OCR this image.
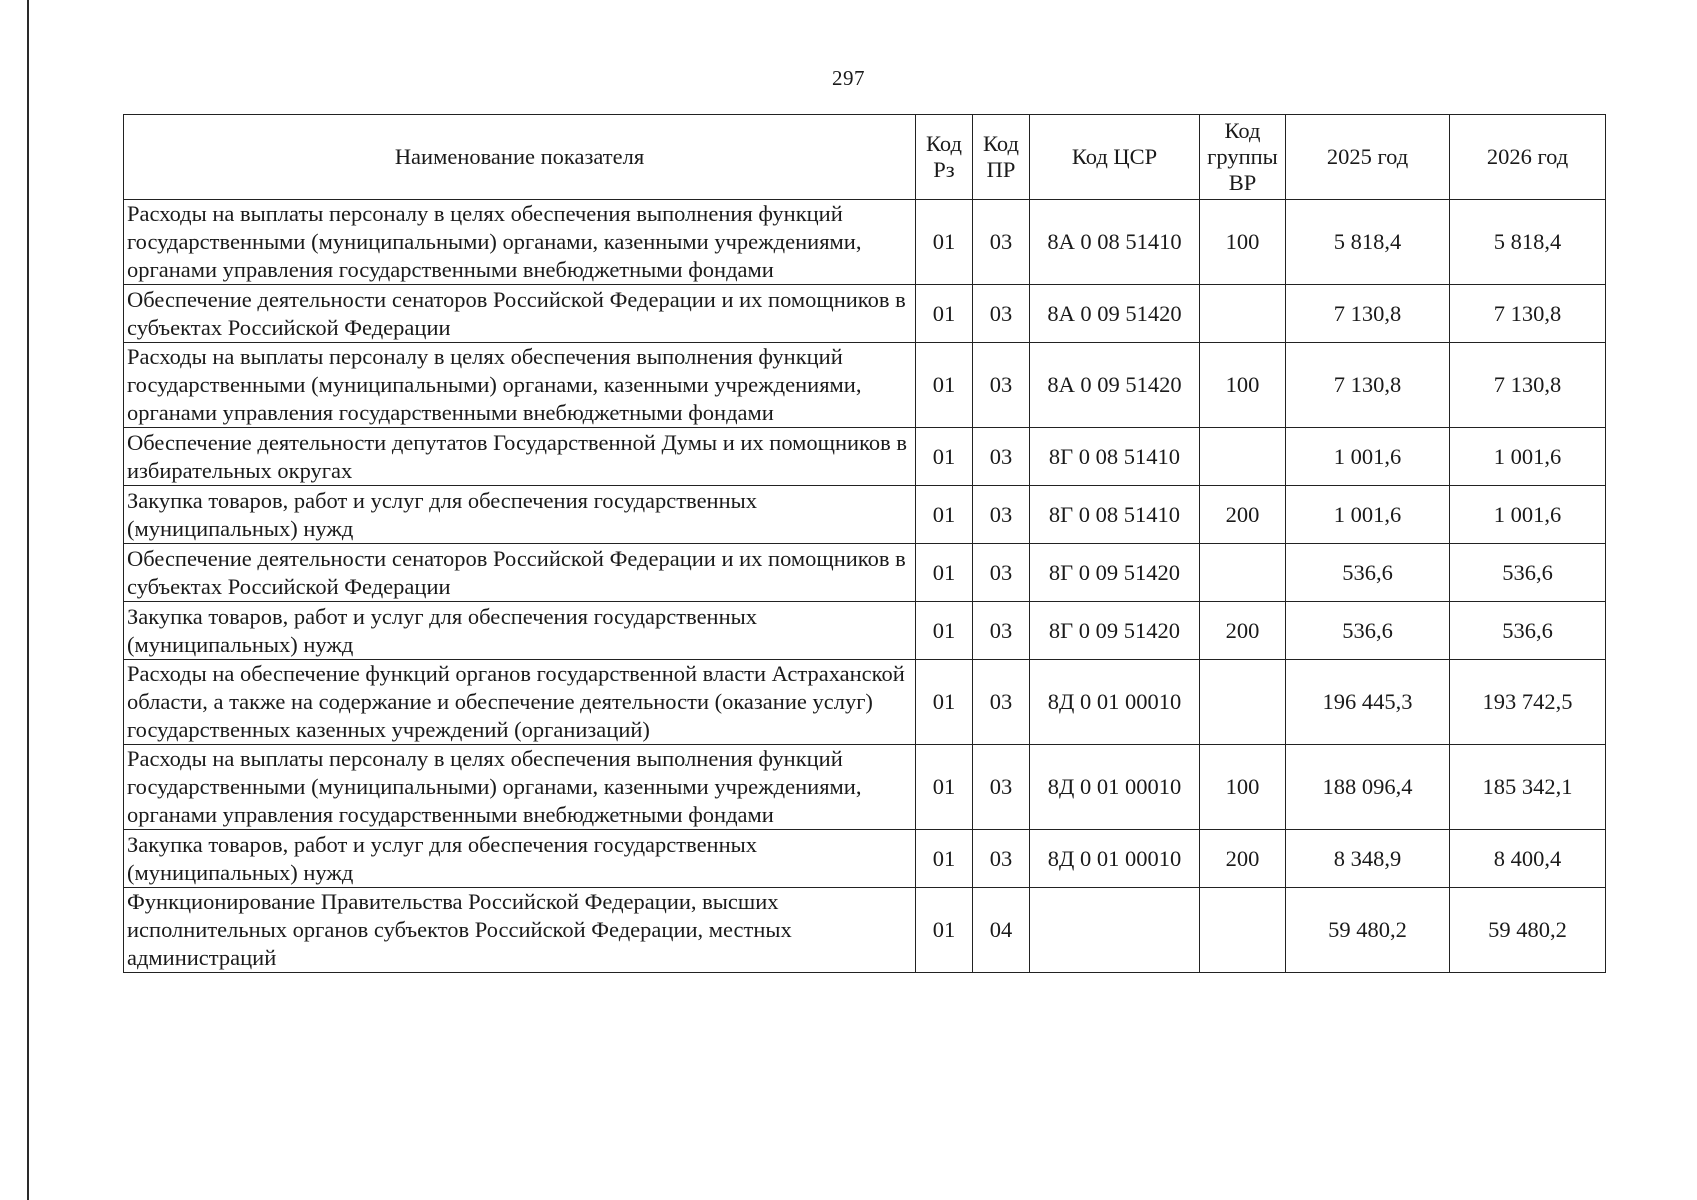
297
Наименование показателя	Код Рз	Код ПР	Код ЦСР	Код группы ВР	2025 год	2026 год
Расходы на выплаты персоналу в целях обеспечения выполнения функций государственными (муниципальными) органами, казенными учреждениями, органами управления государственными внебюджетными фондами	01	03	8А 0 08 51410	100	5 818,4	5 818,4
Обеспечение деятельности сенаторов Российской Федерации и их помощников в субъектах Российской Федерации	01	03	8А 0 09 51420		7 130,8	7 130,8
Расходы на выплаты персоналу в целях обеспечения выполнения функций государственными (муниципальными) органами, казенными учреждениями, органами управления государственными внебюджетными фондами	01	03	8А 0 09 51420	100	7 130,8	7 130,8
Обеспечение деятельности депутатов Государственной Думы и их помощников в избирательных округах	01	03	8Г 0 08 51410		1 001,6	1 001,6
Закупка товаров, работ и услуг для обеспечения государственных (муниципальных) нужд	01	03	8Г 0 08 51410	200	1 001,6	1 001,6
Обеспечение деятельности сенаторов Российской Федерации и их помощников в субъектах Российской Федерации	01	03	8Г 0 09 51420		536,6	536,6
Закупка товаров, работ и услуг для обеспечения государственных (муниципальных) нужд	01	03	8Г 0 09 51420	200	536,6	536,6
Расходы на обеспечение функций органов государственной власти Астраханской области, а также на содержание и обеспечение деятельности (оказание услуг) государственных казенных учреждений (организаций)	01	03	8Д 0 01 00010		196 445,3	193 742,5
Расходы на выплаты персоналу в целях обеспечения выполнения функций государственными (муниципальными) органами, казенными учреждениями, органами управления государственными внебюджетными фондами	01	03	8Д 0 01 00010	100	188 096,4	185 342,1
Закупка товаров, работ и услуг для обеспечения государственных (муниципальных) нужд	01	03	8Д 0 01 00010	200	8 348,9	8 400,4
Функционирование Правительства Российской Федерации, высших исполнительных органов субъектов Российской Федерации, местных администраций	01	04			59 480,2	59 480,2
